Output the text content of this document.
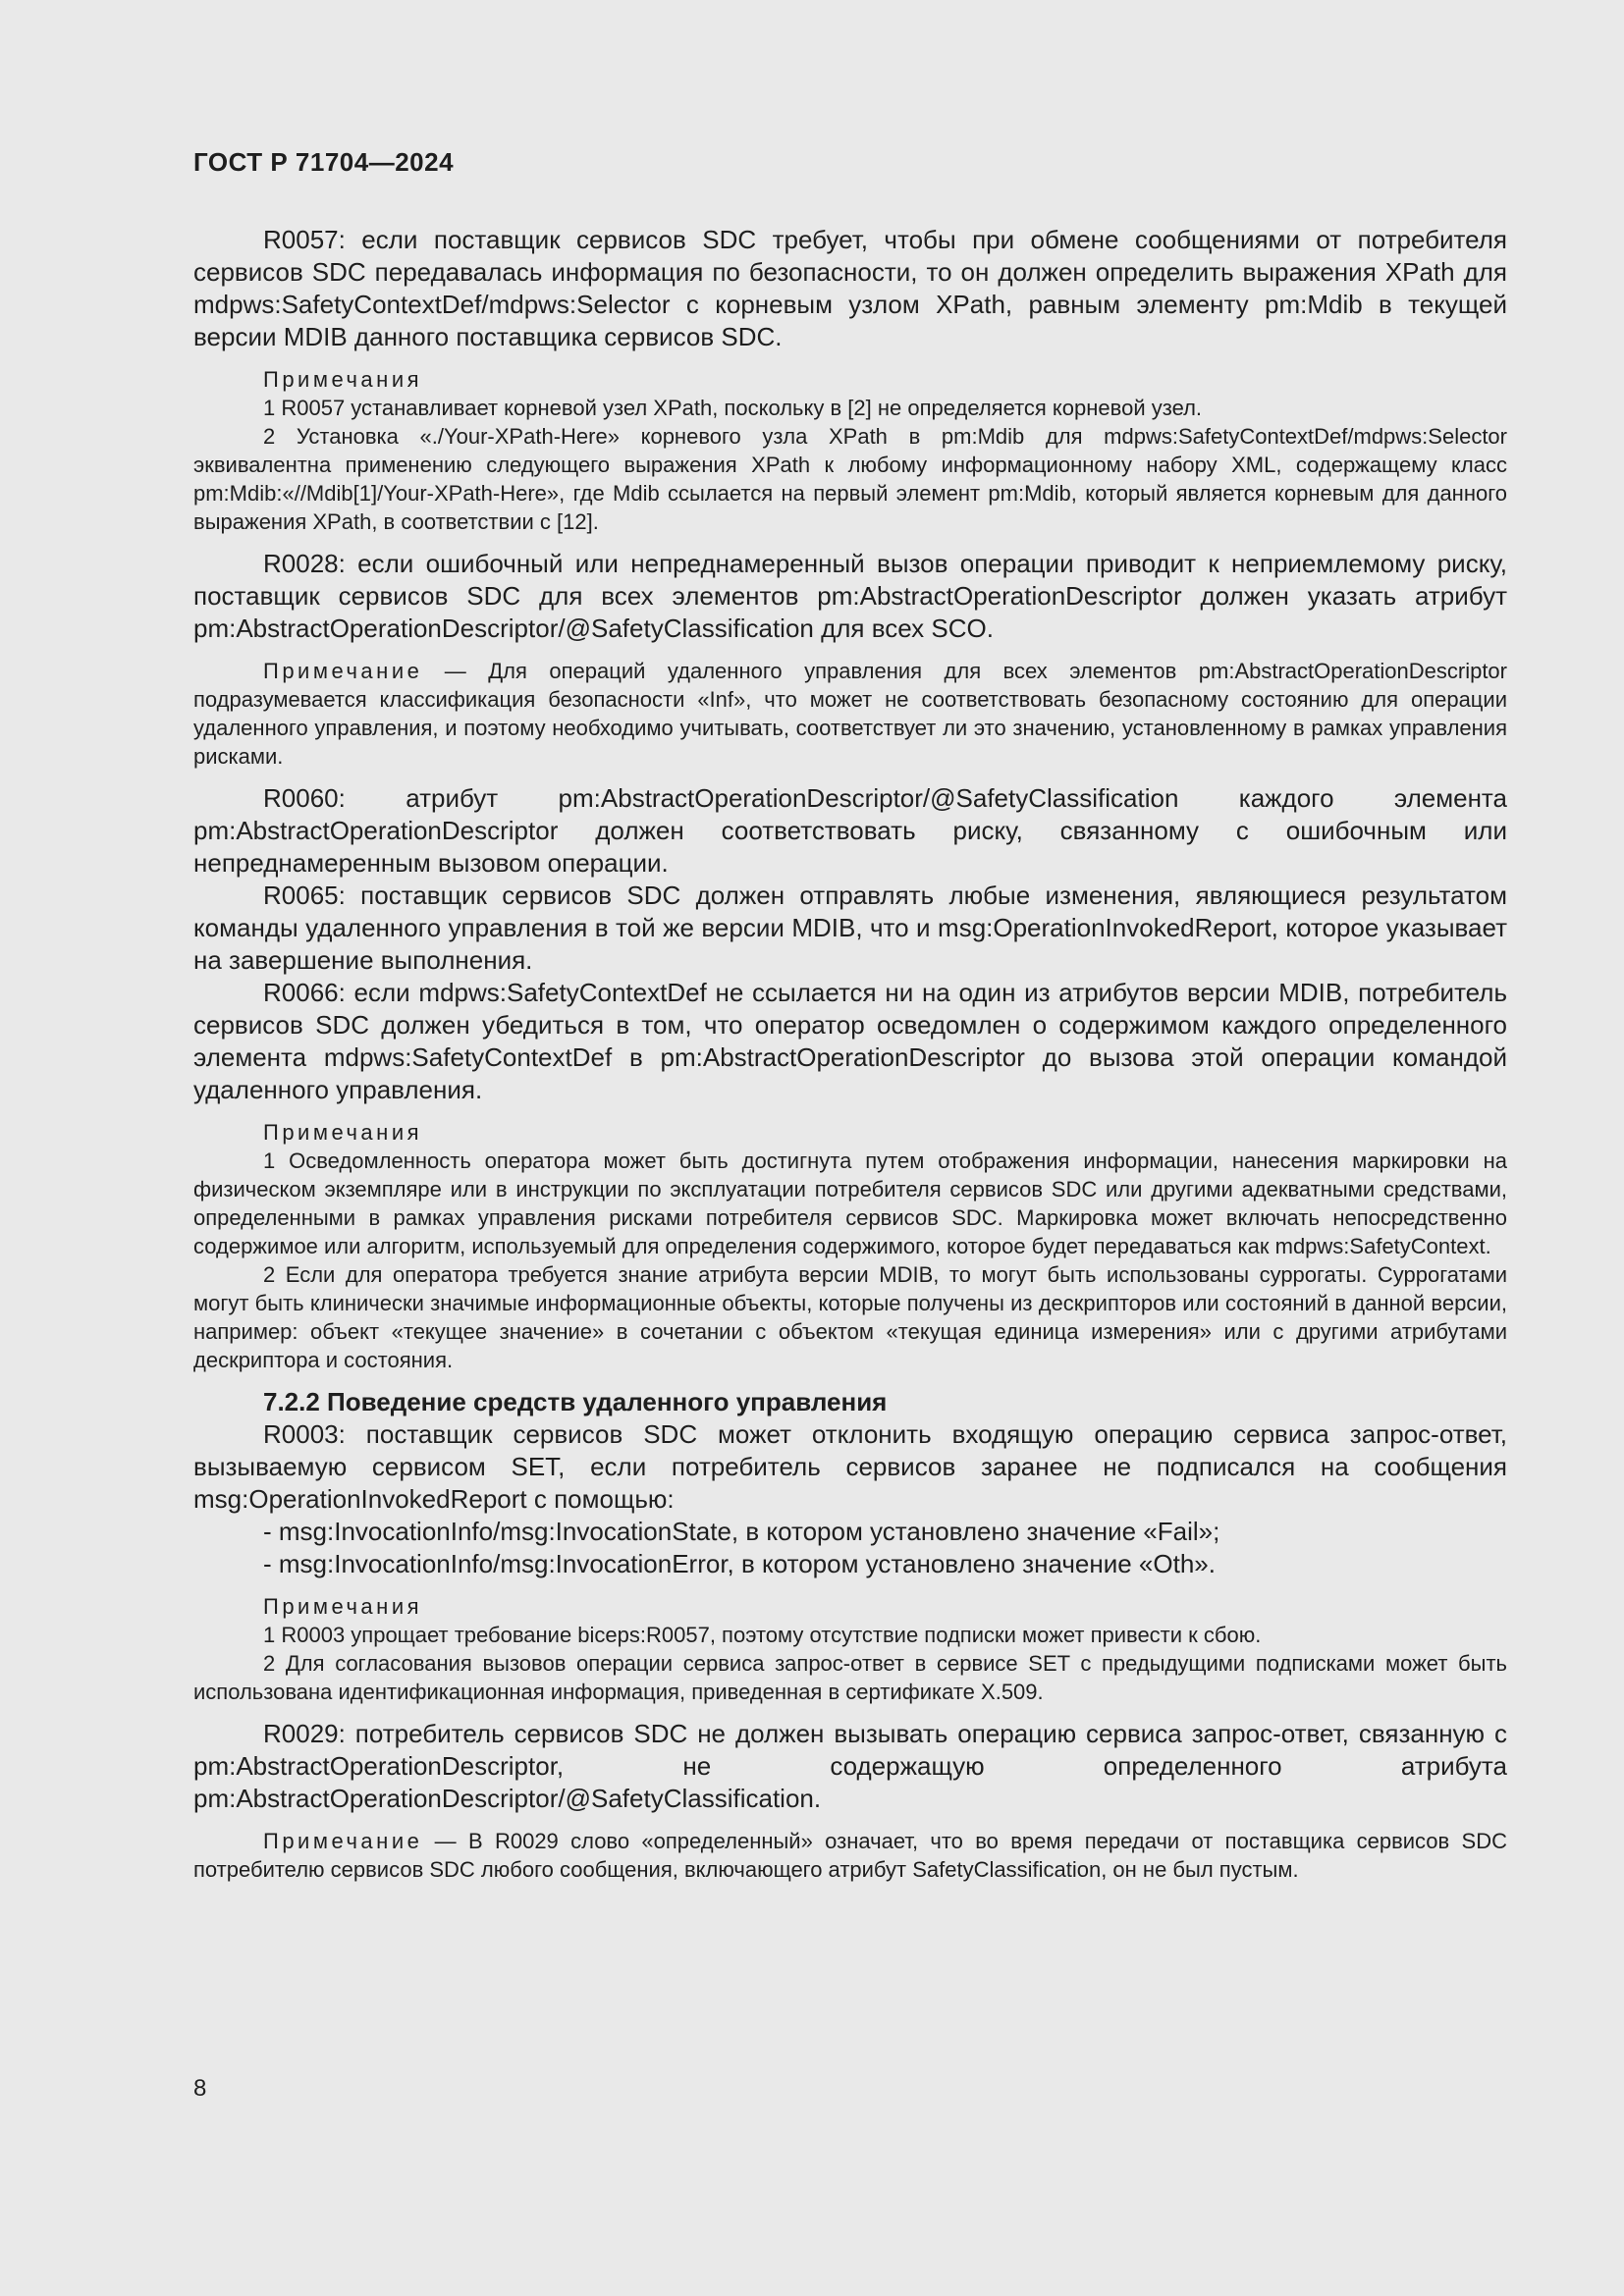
ГОСТ Р 71704—2024

R0057: если поставщик сервисов SDC требует, чтобы при обмене сообщениями от потребителя сервисов SDC передавалась информация по безопасности, то он должен определить выражения XPath для mdpws:SafetyContextDef/mdpws:Selector с корневым узлом XPath, равным элементу pm:Mdib в текущей версии MDIB данного поставщика сервисов SDC.

Примечания

1 R0057 устанавливает корневой узел XPath, поскольку в [2] не определяется корневой узел.

2 Установка «./Your-XPath-Here» корневого узла XPath в pm:Mdib для mdpws:SafetyContextDef/mdpws:Selector эквивалентна применению следующего выражения XPath к любому информационному набору XML, содержащему класс pm:Mdib:«//Mdib[1]/Your-XPath-Here», где Mdib ссылается на первый элемент pm:Mdib, который является корневым для данного выражения XPath, в соответствии с [12].

R0028: если ошибочный или непреднамеренный вызов операции приводит к неприемлемому риску, поставщик сервисов SDC для всех элементов pm:AbstractOperationDescriptor должен указать атрибут pm:AbstractOperationDescriptor/@SafetyClassification для всех SCO.

Примечание — Для операций удаленного управления для всех элементов pm:AbstractOperationDescriptor подразумевается классификация безопасности «Inf», что может не соответствовать безопасному состоянию для операции удаленного управления, и поэтому необходимо учитывать, соответствует ли это значению, установленному в рамках управления рисками.

R0060: атрибут pm:AbstractOperationDescriptor/@SafetyClassification каждого элемента pm:AbstractOperationDescriptor должен соответствовать риску, связанному с ошибочным или непреднамеренным вызовом операции.

R0065: поставщик сервисов SDC должен отправлять любые изменения, являющиеся результатом команды удаленного управления в той же версии MDIB, что и msg:OperationInvokedReport, которое указывает на завершение выполнения.

R0066: если mdpws:SafetyContextDef не ссылается ни на один из атрибутов версии MDIB, потребитель сервисов SDC должен убедиться в том, что оператор осведомлен о содержимом каждого определенного элемента mdpws:SafetyContextDef в pm:AbstractOperationDescriptor до вызова этой операции командой удаленного управления.

Примечания

1 Осведомленность оператора может быть достигнута путем отображения информации, нанесения маркировки на физическом экземпляре или в инструкции по эксплуатации потребителя сервисов SDC или другими адекватными средствами, определенными в рамках управления рисками потребителя сервисов SDC. Маркировка может включать непосредственно содержимое или алгоритм, используемый для определения содержимого, которое будет передаваться как mdpws:SafetyContext.

2 Если для оператора требуется знание атрибута версии MDIB, то могут быть использованы суррогаты. Суррогатами могут быть клинически значимые информационные объекты, которые получены из дескрипторов или состояний в данной версии, например: объект «текущее значение» в сочетании с объектом «текущая единица измерения» или с другими атрибутами дескриптора и состояния.

7.2.2 Поведение средств удаленного управления

R0003: поставщик сервисов SDC может отклонить входящую операцию сервиса запрос-ответ, вызываемую сервисом SET, если потребитель сервисов заранее не подписался на сообщения msg:OperationInvokedReport с помощью:

- msg:InvocationInfo/msg:InvocationState, в котором установлено значение «Fail»;

- msg:InvocationInfo/msg:InvocationError, в котором установлено значение «Oth».

Примечания

1 R0003 упрощает требование biceps:R0057, поэтому отсутствие подписки может привести к сбою.

2 Для согласования вызовов операции сервиса запрос-ответ в сервисе SET с предыдущими подписками может быть использована идентификационная информация, приведенная в сертификате X.509.

R0029: потребитель сервисов SDC не должен вызывать операцию сервиса запрос-ответ, связанную с pm:AbstractOperationDescriptor, не содержащую определенного атрибута pm:AbstractOperationDescriptor/@SafetyClassification.

Примечание — В R0029 слово «определенный» означает, что во время передачи от поставщика сервисов SDC потребителю сервисов SDC любого сообщения, включающего атрибут SafetyClassification, он не был пустым.

8
